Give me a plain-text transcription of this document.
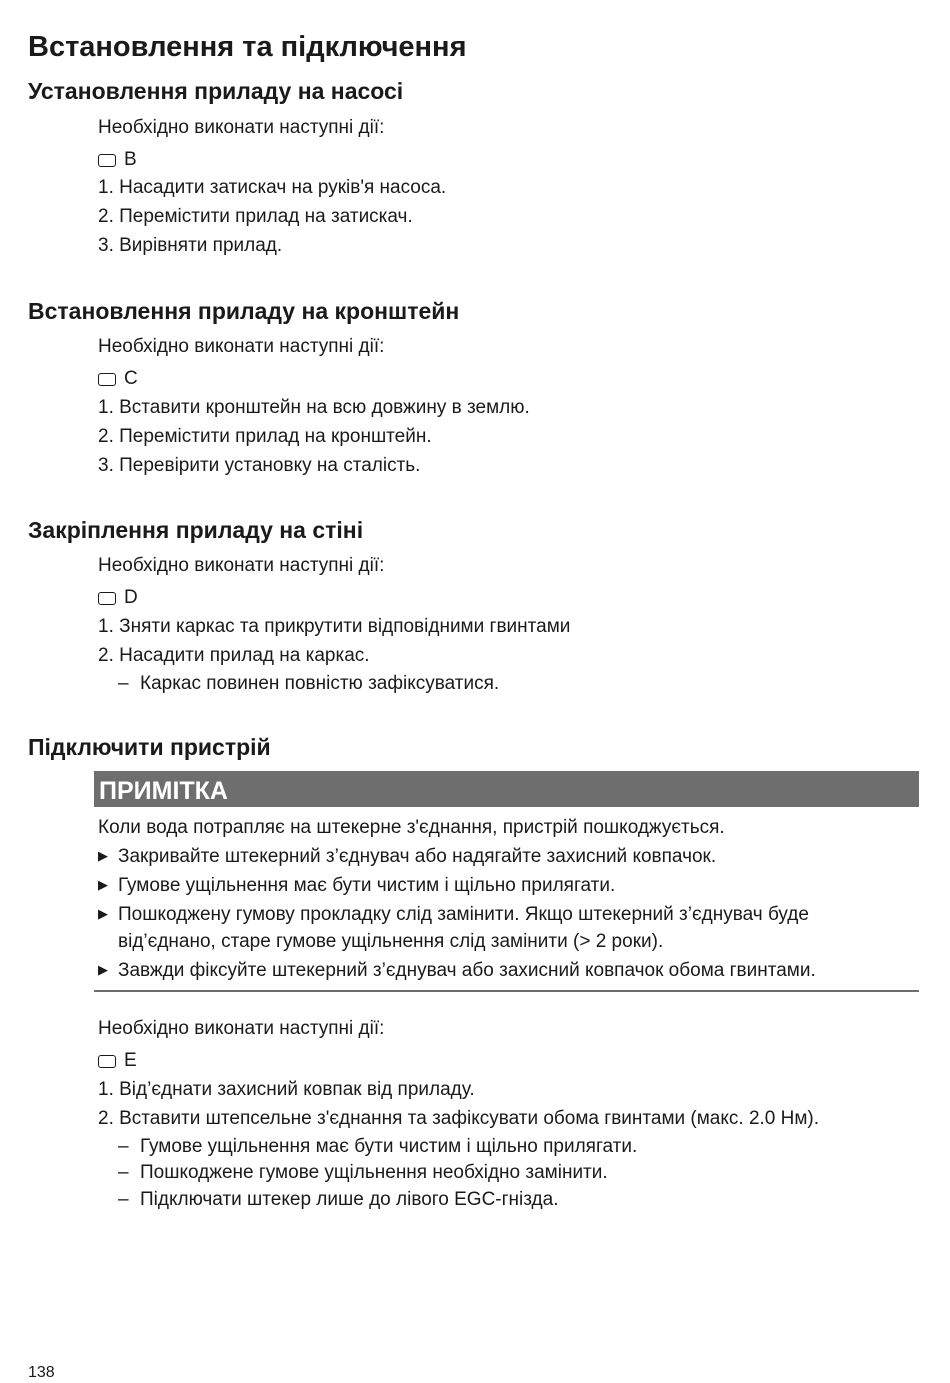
Встановлення та підключення
Установлення приладу на насосі
Необхідно виконати наступні дії:
B
1. Насадити затискач на рукiв'я насоса.
2. Перемістити прилад на затискач.
3. Вирівняти прилад.
Встановлення приладу на кронштейн
Необхідно виконати наступні дії:
C
1. Вставити кронштейн на всю довжину в землю.
2. Перемістити прилад на кронштейн.
3. Перевірити установку на сталість.
Закріплення приладу на стіні
Необхідно виконати наступні дії:
D
1. Зняти каркас та прикрутити відповідними гвинтами
2. Насадити прилад на каркас.
– Каркас повинен повністю зафіксуватися.
Підключити пристрій
ПРИМІТКА
Коли вода потрапляє на штекерне з'єднання, пристрій пошкоджується.
▶ Закривайте штекерний з’єднувач або надягайте захисний ковпачок.
▶ Гумове ущільнення має бути чистим і щільно прилягати.
▶ Пошкоджену гумову прокладку слід замінити. Якщо штекерний з’єднувач буде
від’єднано, старе гумове ущільнення слід замінити (> 2 роки).
▶ Завжди фіксуйте штекерний з’єднувач або захисний ковпачок обома гвинтами.
Необхідно виконати наступні дії:
E
1. Від’єднати захисний ковпак від приладу.
2. Вставити штепсельне з'єднання та зафіксувати обома гвинтами (макс. 2.0 Нм).
– Гумове ущільнення має бути чистим і щільно прилягати.
– Пошкоджене гумове ущільнення необхідно замінити.
– Підключати штекер лише до лівого EGC-гнізда.
138
